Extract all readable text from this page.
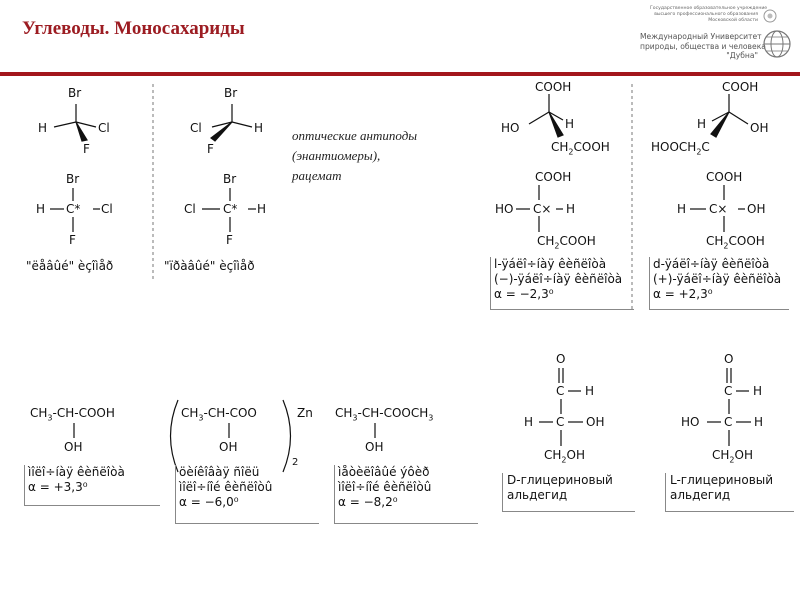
Углеводы. Моносахариды
Государственное образовательное учреждение
высшего профессионального образования
Московской области
Международный Университет
природы, общества и человека
"Дубна"
Br
H	Cl
F
Br
Cl	H
F
Br
H C* Cl
F
Br
Cl C* H
F
"ëåâûé" èçîìåð	"ïðàâûé" èçîìåð
оптические антиподы
(энантиомеры),
рацемат
COOH
HO	H
$CH_2COOH$
COOH
H	OH
$HOOCH_2C$
COOH
HO C× H
$CH_2COOH$
COOH
H C× OH
$CH_2COOH$
l-ÿáëî÷íàÿ êèñëîòà
(−)-ÿáëî÷íàÿ êèñëîòà
α = −2,3⁰
d-ÿáëî÷íàÿ êèñëîòà
(+)-ÿáëî÷íàÿ êèñëîòà
α = +2,3⁰
$CH_3-CH$-COOH
OH
$CH_3-CH$-COO
OH
Zn
2
$CH_3-CH-COOCH_3$
OH
ìîëî÷íàÿ êèñëîòà
α = +3,3⁰
öèíêîâàÿ ñîëü
ìîëî÷íîé êèñëîòû
α = −6,0⁰
ìåòèëîâûé ýôèð
ìîëî÷íîé êèñëîòû
α = −8,2⁰
O
C H
H C OH
$CH_2OH$
O
C H
HO C H
$CH_2OH$
D-глицериновый
альдегид
L-глицериновый
альдегид
